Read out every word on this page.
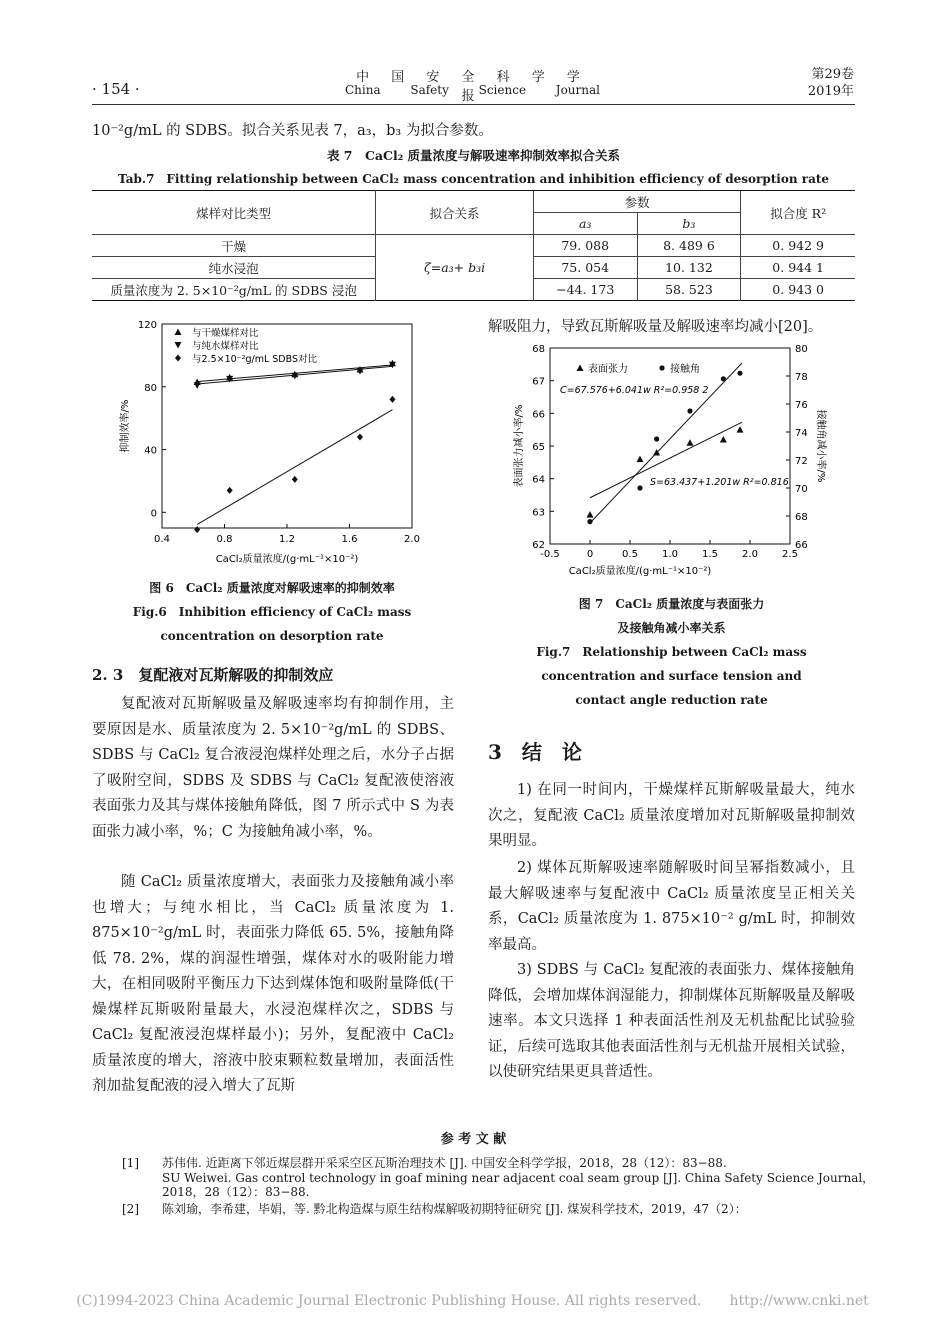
· 154 ·
中 国 安 全 科 学 学 报
China Safety Science Journal
第29卷
2019年
10⁻²g/mL 的 SDBS。拟合关系见表 7，a₃，b₃ 为拟合参数。
表 7　CaCl₂ 质量浓度与解吸速率抑制效率拟合关系
Tab.7　Fitting relationship between CaCl₂ mass concentration and inhibition efficiency of desorption rate
煤样对比类型	拟合关系	参数		拟合度 R²
		a₃	b₃	
干燥	ζ=a₃+ b₃i	79. 088	8. 489 6	0. 942 9
纯水浸泡		75. 054	10. 132	0. 944 1
质量浓度为 2. 5×10⁻²g/mL 的 SDBS 浸泡		−44. 173	58. 523	0. 943 0
0.4	0.8	1.2	1.6	2.0
120
80
40
0
CaCl₂质量浓度/(g·mL⁻¹×10⁻²)
抑制效率/%
与干燥煤样对比
与纯水煤样对比
与2.5×10⁻²g/mL SDBS对比
图 6　CaCl₂ 质量浓度对解吸速率的抑制效率
Fig.6　Inhibition efficiency of CaCl₂ mass
concentration on desorption rate
解吸阻力，导致瓦斯解吸量及解吸速率均减小[20]。
-0.5	0	0.5 1.0 1.5 2.0 2.5
62
63
64
65
66
67
68
66
68
70
72
74
76
78
80
CaCl₂质量浓度/(g·mL⁻¹×10⁻²)
表面张力减小率/%	接触角减小率/%
表面张力	接触角
C=67.576+6.041w R²=0.958 2
S=63.437+1.201w R²=0.816
图 7　CaCl₂ 质量浓度与表面张力
及接触角减小率关系
Fig.7　Relationship between CaCl₂ mass
concentration and surface tension and
contact angle reduction rate
2. 3　复配液对瓦斯解吸的抑制效应
复配液对瓦斯解吸量及解吸速率均有抑制作用，主要原因是水、质量浓度为 2. 5×10⁻²g/mL 的 SDBS、SDBS 与 CaCl₂ 复合液浸泡煤样处理之后，水分子占据了吸附空间，SDBS 及 SDBS 与 CaCl₂ 复配液使溶液表面张力及其与煤体接触角降低，图 7 所示式中 S 为表面张力减小率，%；C 为接触角减小率，%。
随 CaCl₂ 质量浓度增大，表面张力及接触角减小率也增大；与纯水相比，当 CaCl₂ 质量浓度为 1. 875×10⁻²g/mL 时，表面张力降低 65. 5%，接触角降低 78. 2%，煤的润湿性增强，煤体对水的吸附能力增大，在相同吸附平衡压力下达到煤体饱和吸附量降低(干燥煤样瓦斯吸附量最大，水浸泡煤样次之，SDBS 与 CaCl₂ 复配液浸泡煤样最小)；另外，复配液中 CaCl₂ 质量浓度的增大，溶液中胶束颗粒数量增加，表面活性剂加盐复配液的浸入增大了瓦斯
3　结　论
1) 在同一时间内，干燥煤样瓦斯解吸量最大，纯水次之，复配液 CaCl₂ 质量浓度增加对瓦斯解吸量抑制效果明显。
2) 煤体瓦斯解吸速率随解吸时间呈幂指数减小，且最大解吸速率与复配液中 CaCl₂ 质量浓度呈正相关关系，CaCl₂ 质量浓度为 1. 875×10⁻² g/mL 时，抑制效率最高。
3) SDBS 与 CaCl₂ 复配液的表面张力、煤体接触角降低，会增加煤体润湿能力，抑制煤体瓦斯解吸量及解吸速率。本文只选择 1 种表面活性剂及无机盐配比试验验证，后续可选取其他表面活性剂与无机盐开展相关试验，以使研究结果更具普适性。
参 考 文 献
[1] 苏伟伟. 近距离下邻近煤层群开采采空区瓦斯治理技术 [J]. 中国安全科学学报，2018，28（12）：83−88.
SU Weiwei. Gas control technology in goaf mining near adjacent coal seam group [J]. China Safety Science Journal，
2018，28（12）：83−88.
[2] 陈刘瑜，李希建，毕娟，等. 黔北构造煤与原生结构煤解吸初期特征研究 [J]. 煤炭科学技术，2019，47（2）：
(C)1994-2023 China Academic Journal Electronic Publishing House. All rights reserved.　　http://www.cnki.net
